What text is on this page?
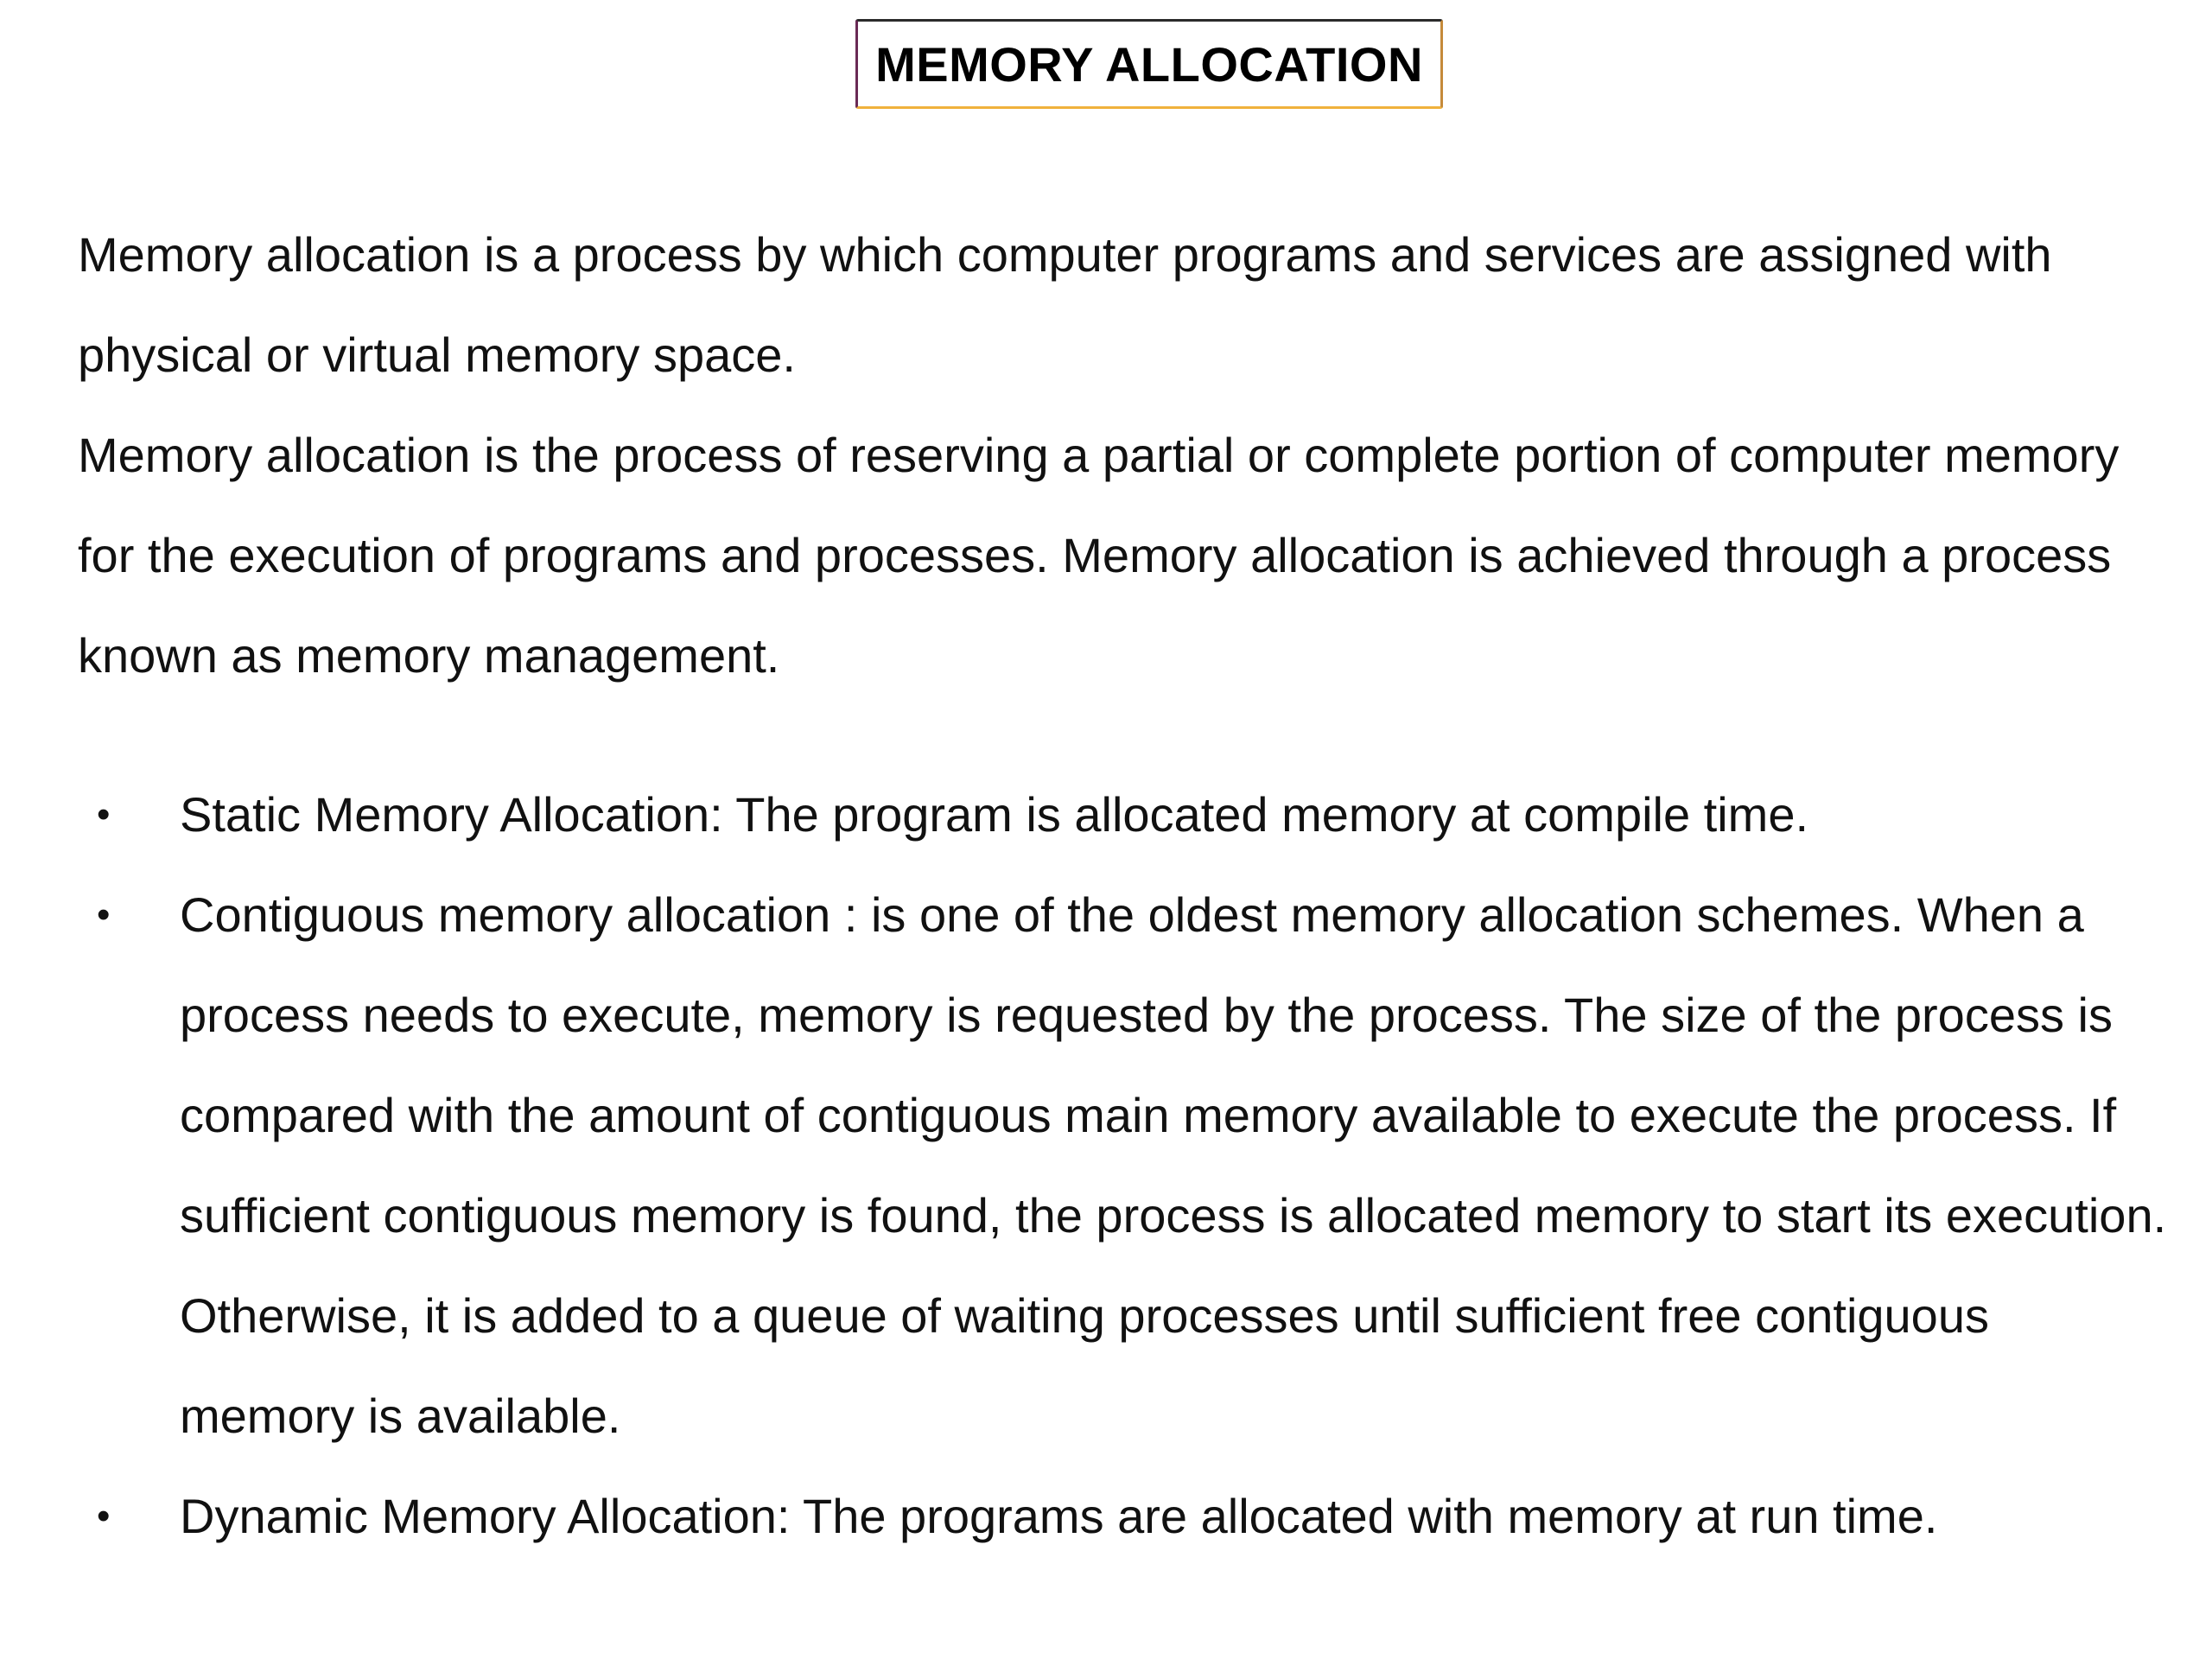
MEMORY ALLOCATION

Memory allocation is a process by which computer programs and services are assigned with physical or virtual memory space.

Memory allocation is the process of reserving a partial or complete portion of computer memory for the execution of programs and processes. Memory allocation is achieved through a process known as memory management.

• Static Memory Allocation: The program is allocated memory at compile time.
• Contiguous memory allocation : is one of the oldest memory allocation schemes. When a process needs to execute, memory is requested by the process. The size of the process is compared with the amount of contiguous main memory available to execute the process. If sufficient contiguous memory is found, the process is allocated memory to start its execution. Otherwise, it is added to a queue of waiting processes until sufficient free contiguous memory is available.
• Dynamic Memory Allocation: The programs are allocated with memory at run time.
